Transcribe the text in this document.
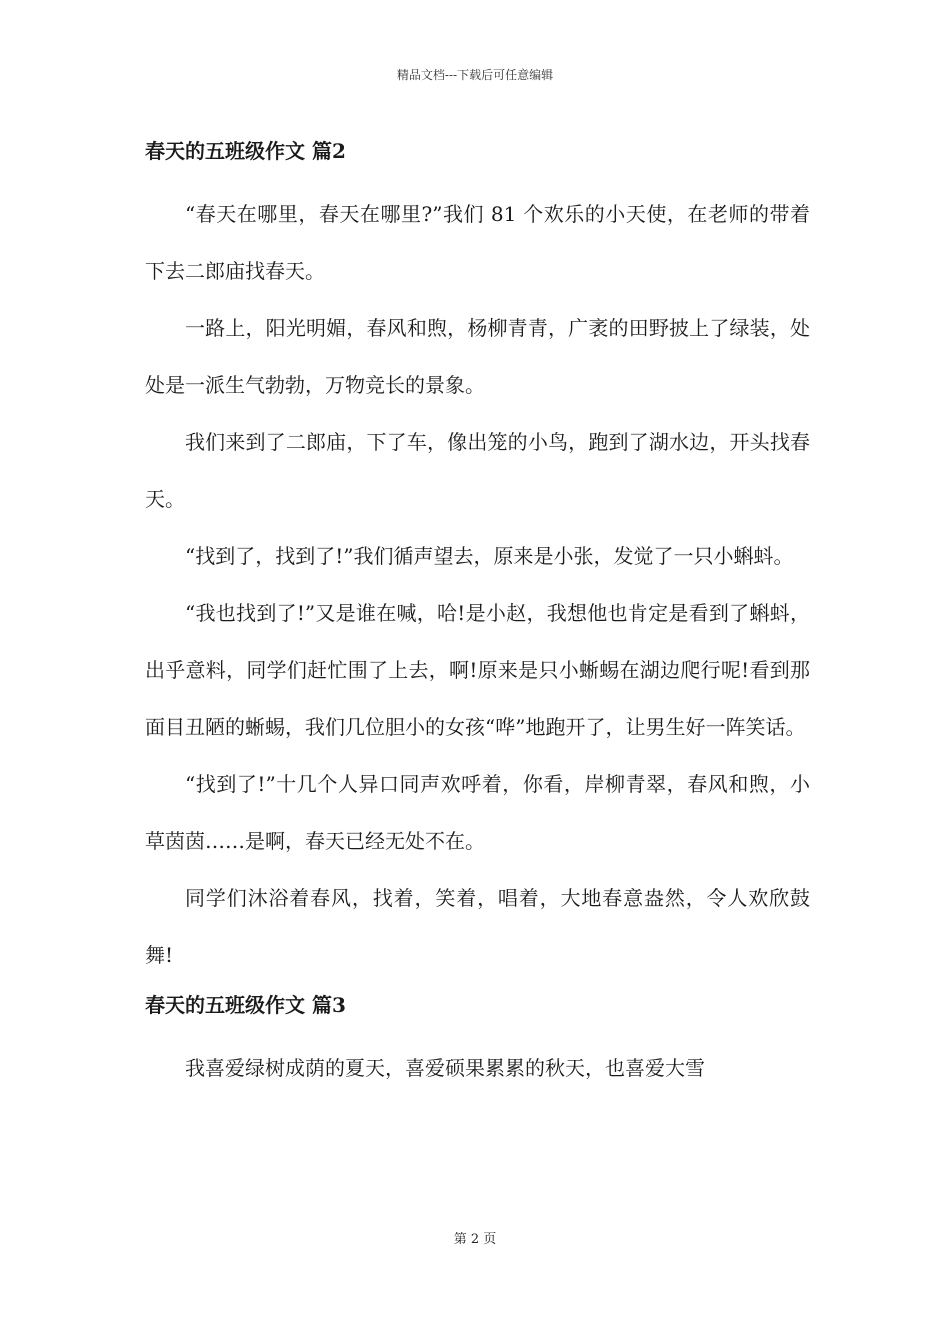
精品文档---下载后可任意编辑
春天的五班级作文 篇2

“春天在哪里，春天在哪里?”我们 81 个欢乐的小天使，在老师的带着下去二郎庙找春天。

一路上，阳光明媚，春风和煦，杨柳青青，广袤的田野披上了绿装，处处是一派生气勃勃，万物竞长的景象。

我们来到了二郎庙，下了车，像出笼的小鸟，跑到了湖水边，开头找春天。

“找到了，找到了!”我们循声望去，原来是小张，发觉了一只小蝌蚪。

“我也找到了!”又是谁在喊，哈!是小赵，我想他也肯定是看到了蝌蚪，出乎意料，同学们赶忙围了上去，啊!原来是只小蜥蜴在湖边爬行呢!看到那面目丑陋的蜥蜴，我们几位胆小的女孩“哗”地跑开了，让男生好一阵笑话。

“找到了!”十几个人异口同声欢呼着，你看，岸柳青翠，春风和煦，小草茵茵……是啊，春天已经无处不在。

同学们沐浴着春风，找着，笑着，唱着，大地春意盎然，令人欢欣鼓舞!

春天的五班级作文 篇3

我喜爱绿树成荫的夏天，喜爱硕果累累的秋天，也喜爱大雪

第 2 页
